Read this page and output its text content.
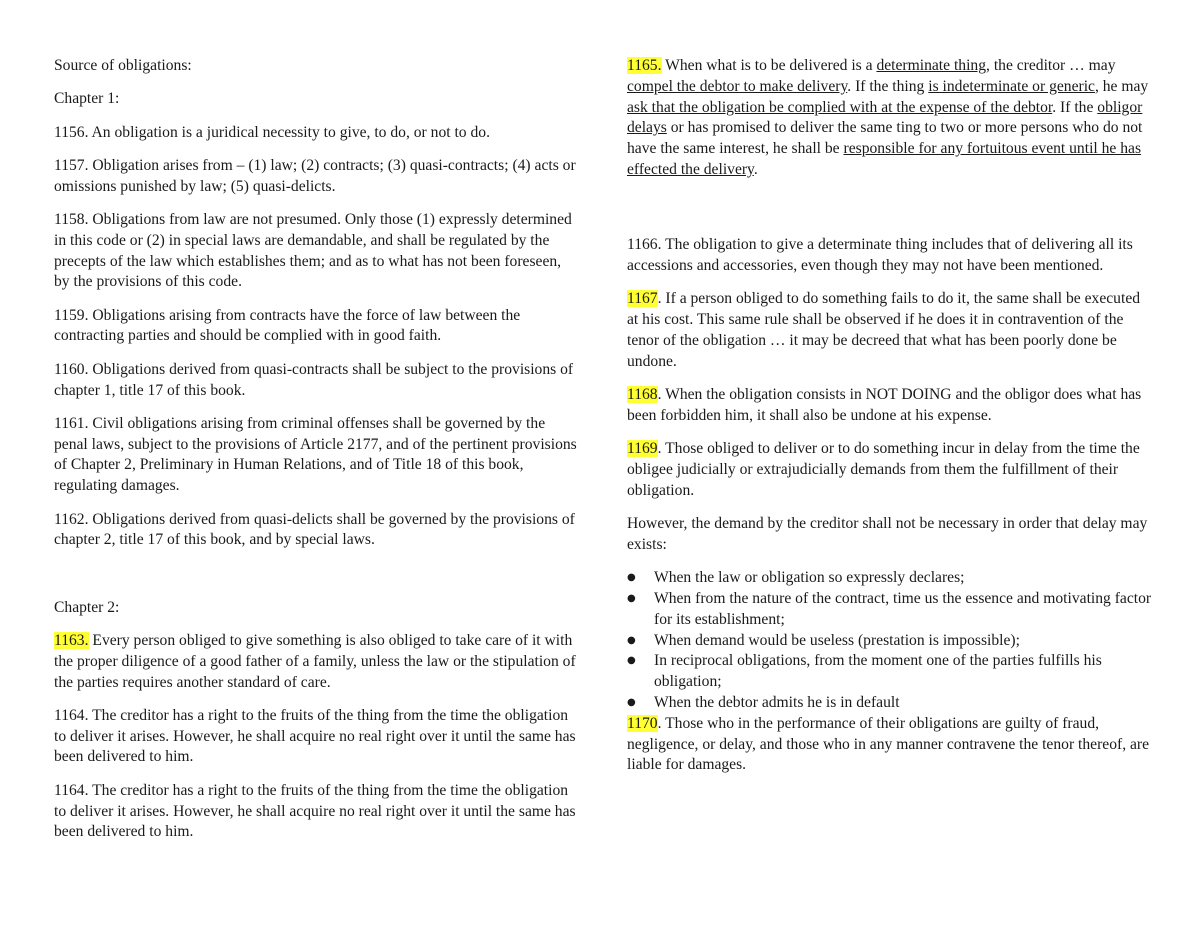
Source of obligations:

Chapter 1:

1156. An obligation is a juridical necessity to give, to do, or not to do.

1157. Obligation arises from – (1) law; (2) contracts; (3) quasi-contracts; (4) acts or omissions punished by law; (5) quasi-delicts.

1158. Obligations from law are not presumed. Only those (1) expressly determined in this code or (2) in special laws are demandable, and shall be regulated by the precepts of the law which establishes them; and as to what has not been foreseen, by the provisions of this code.

1159. Obligations arising from contracts have the force of law between the contracting parties and should be complied with in good faith.

1160. Obligations derived from quasi-contracts shall be subject to the provisions of chapter 1, title 17 of this book.

1161. Civil obligations arising from criminal offenses shall be governed by the penal laws, subject to the provisions of Article 2177, and of the pertinent provisions of Chapter 2, Preliminary in Human Relations, and of Title 18 of this book, regulating damages.

1162. Obligations derived from quasi-delicts shall be governed by the provisions of chapter 2, title 17 of this book, and by special laws.

Chapter 2:

1163. Every person obliged to give something is also obliged to take care of it with the proper diligence of a good father of a family, unless the law or the stipulation of the parties requires another standard of care.

1164. The creditor has a right to the fruits of the thing from the time the obligation to deliver it arises. However, he shall acquire no real right over it until the same has been delivered to him.

1164. The creditor has a right to the fruits of the thing from the time the obligation to deliver it arises. However, he shall acquire no real right over it until the same has been delivered to him.

1165. When what is to be delivered is a determinate thing, the creditor … may compel the debtor to make delivery. If the thing is indeterminate or generic, he may ask that the obligation be complied with at the expense of the debtor. If the obligor delays or has promised to deliver the same ting to two or more persons who do not have the same interest, he shall be responsible for any fortuitous event until he has effected the delivery.

1166. The obligation to give a determinate thing includes that of delivering all its accessions and accessories, even though they may not have been mentioned.

1167. If a person obliged to do something fails to do it, the same shall be executed at his cost. This same rule shall be observed if he does it in contravention of the tenor of the obligation … it may be decreed that what has been poorly done be undone.

1168. When the obligation consists in NOT DOING and the obligor does what has been forbidden him, it shall also be undone at his expense.

1169. Those obliged to deliver or to do something incur in delay from the time the obligee judicially or extrajudicially demands from them the fulfillment of their obligation.

However, the demand by the creditor shall not be necessary in order that delay may exists:

● When the law or obligation so expressly declares;
● When from the nature of the contract, time us the essence and motivating factor for its establishment;
● When demand would be useless (prestation is impossible);
● In reciprocal obligations, from the moment one of the parties fulfills his obligation;
● When the debtor admits he is in default

1170. Those who in the performance of their obligations are guilty of fraud, negligence, or delay, and those who in any manner contravene the tenor thereof, are liable for damages.
